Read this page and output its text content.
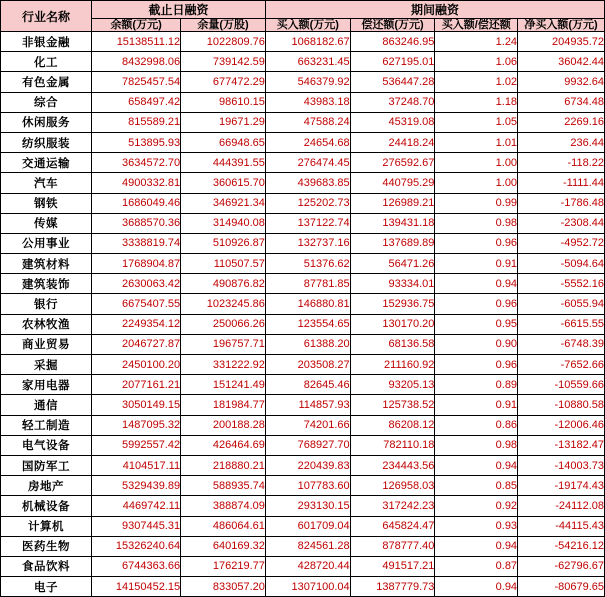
行业名称	截止日融资		期间融资			
	余额(万元)	余量(万股)	买入额(万元)	偿还额(万元)	买入额/偿还额	净买入额(万元)
非银金融	15138511.12	1022809.76	1068182.67	863246.95	1.24	204935.72
化工	8432998.06	739142.59	663231.45	627195.01	1.06	36042.44
有色金属	7825457.54	677472.29	546379.92	536447.28	1.02	9932.64
综合	658497.42	98610.15	43983.18	37248.70	1.18	6734.48
休闲服务	815589.21	19671.29	47588.24	45319.08	1.05	2269.16
纺织服装	513895.93	66948.65	24654.68	24418.24	1.01	236.44
交通运输	3634572.70	444391.55	276474.45	276592.67	1.00	-118.22
汽车	4900332.81	360615.70	439683.85	440795.29	1.00	-1111.44
钢铁	1686049.46	346921.34	125202.73	126989.21	0.99	-1786.48
传媒	3688570.36	314940.08	137122.74	139431.18	0.98	-2308.44
公用事业	3338819.74	510926.87	132737.16	137689.89	0.96	-4952.72
建筑材料	1768904.87	110507.57	51376.62	56471.26	0.91	-5094.64
建筑装饰	2630063.42	490876.82	87781.85	93334.01	0.94	-5552.16
银行	6675407.55	1023245.86	146880.81	152936.75	0.96	-6055.94
农林牧渔	2249354.12	250066.26	123554.65	130170.20	0.95	-6615.55
商业贸易	2046727.87	196757.71	61388.20	68136.58	0.90	-6748.39
采掘	2450100.20	331222.92	203508.27	211160.92	0.96	-7652.66
家用电器	2077161.21	151241.49	82645.46	93205.13	0.89	-10559.66
通信	3050149.15	181984.77	114857.93	125738.52	0.91	-10880.58
轻工制造	1487095.32	200188.28	74201.66	86208.12	0.86	-12006.46
电气设备	5992557.42	426464.69	768927.70	782110.18	0.98	-13182.47
国防军工	4104517.11	218880.21	220439.83	234443.56	0.94	-14003.73
房地产	5329439.89	588935.74	107783.60	126958.03	0.85	-19174.43
机械设备	4469742.11	388874.09	293130.15	317242.23	0.92	-24112.08
计算机	9307445.31	486064.61	601709.04	645824.47	0.93	-44115.43
医药生物	15326240.64	640169.32	824561.28	878777.40	0.94	-54216.12
食品饮料	6744363.66	176219.77	428720.44	491517.21	0.87	-62796.67
电子	14150452.15	833057.20	1307100.04	1387779.73	0.94	-80679.65
